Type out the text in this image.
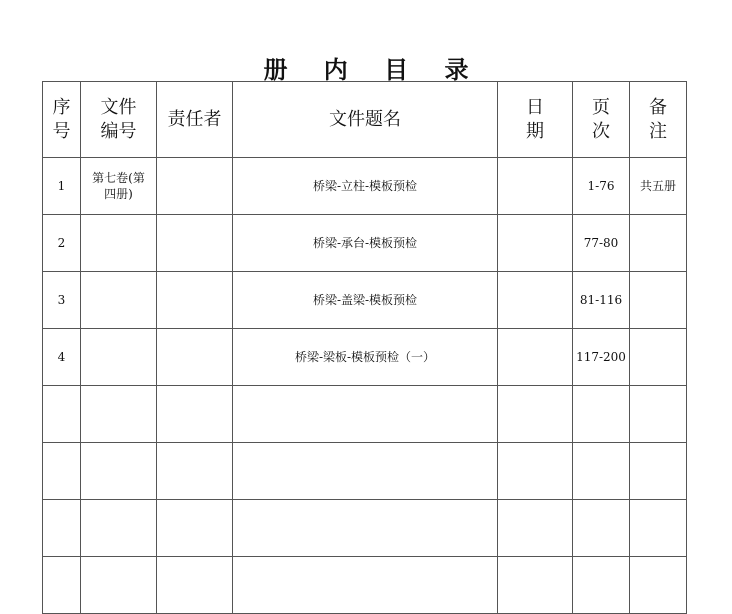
册 内 目 录
序号	文件编号	责任者	文件题名	日期	页次	备注
1	第七卷(第四册)		桥梁-立柱-模板预检		1-76	共五册
2			桥梁-承台-模板预检		77-80	
3			桥梁-盖梁-模板预检		81-116	
4			桥梁-梁板-模板预检（一）		117-200	
